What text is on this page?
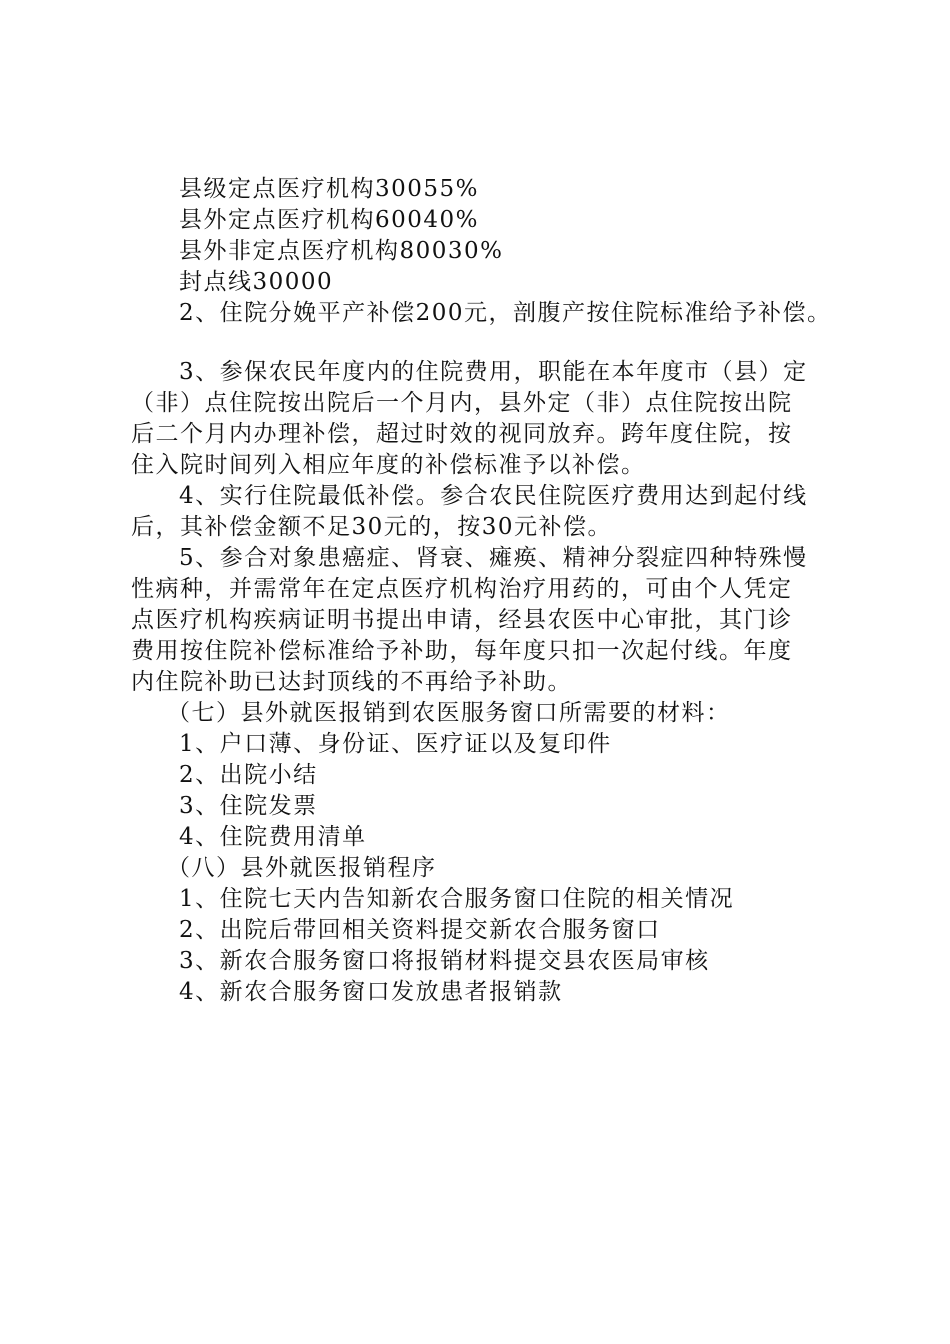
县级定点医疗机构30055%
县外定点医疗机构60040%
县外非定点医疗机构80030%
封点线30000
2、住院分娩平产补偿200元，剖腹产按住院标准给予补偿。
3、参保农民年度内的住院费用，职能在本年度市（县）定
（非）点住院按出院后一个月内，县外定（非）点住院按出院
后二个月内办理补偿，超过时效的视同放弃。跨年度住院，按
住入院时间列入相应年度的补偿标准予以补偿。
4、实行住院最低补偿。参合农民住院医疗费用达到起付线
后，其补偿金额不足30元的，按30元补偿。
5、参合对象患癌症、肾衰、瘫痪、精神分裂症四种特殊慢
性病种，并需常年在定点医疗机构治疗用药的，可由个人凭定
点医疗机构疾病证明书提出申请，经县农医中心审批，其门诊
费用按住院补偿标准给予补助，每年度只扣一次起付线。年度
内住院补助已达封顶线的不再给予补助。
（七）县外就医报销到农医服务窗口所需要的材料：
1、户口薄、身份证、医疗证以及复印件
2、出院小结
3、住院发票
4、住院费用清单
（八）县外就医报销程序
1、住院七天内告知新农合服务窗口住院的相关情况
2、出院后带回相关资料提交新农合服务窗口
3、新农合服务窗口将报销材料提交县农医局审核
4、新农合服务窗口发放患者报销款
